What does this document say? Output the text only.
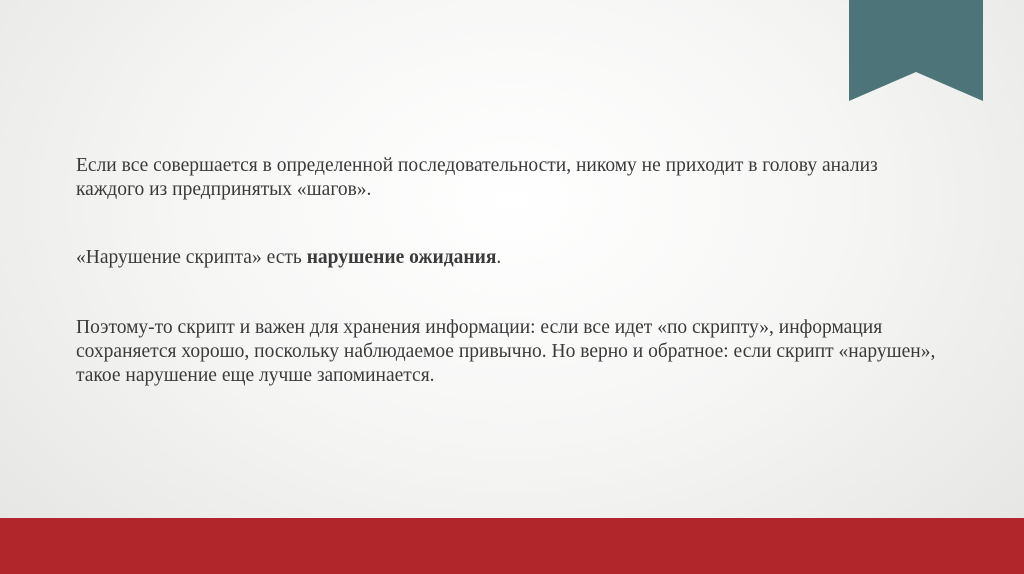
Если все совершается в определенной последовательности, никому не приходит в голову анализ каждого из предпринятых «шагов».

«Нарушение скрипта» есть нарушение ожидания.

Поэтому-то скрипт и важен для хранения информации: если все идет «по скрипту», информация сохраняется хорошо, поскольку наблюдаемое привычно. Но верно и обратное: если скрипт «нарушен», такое нарушение еще лучше запоминается.
